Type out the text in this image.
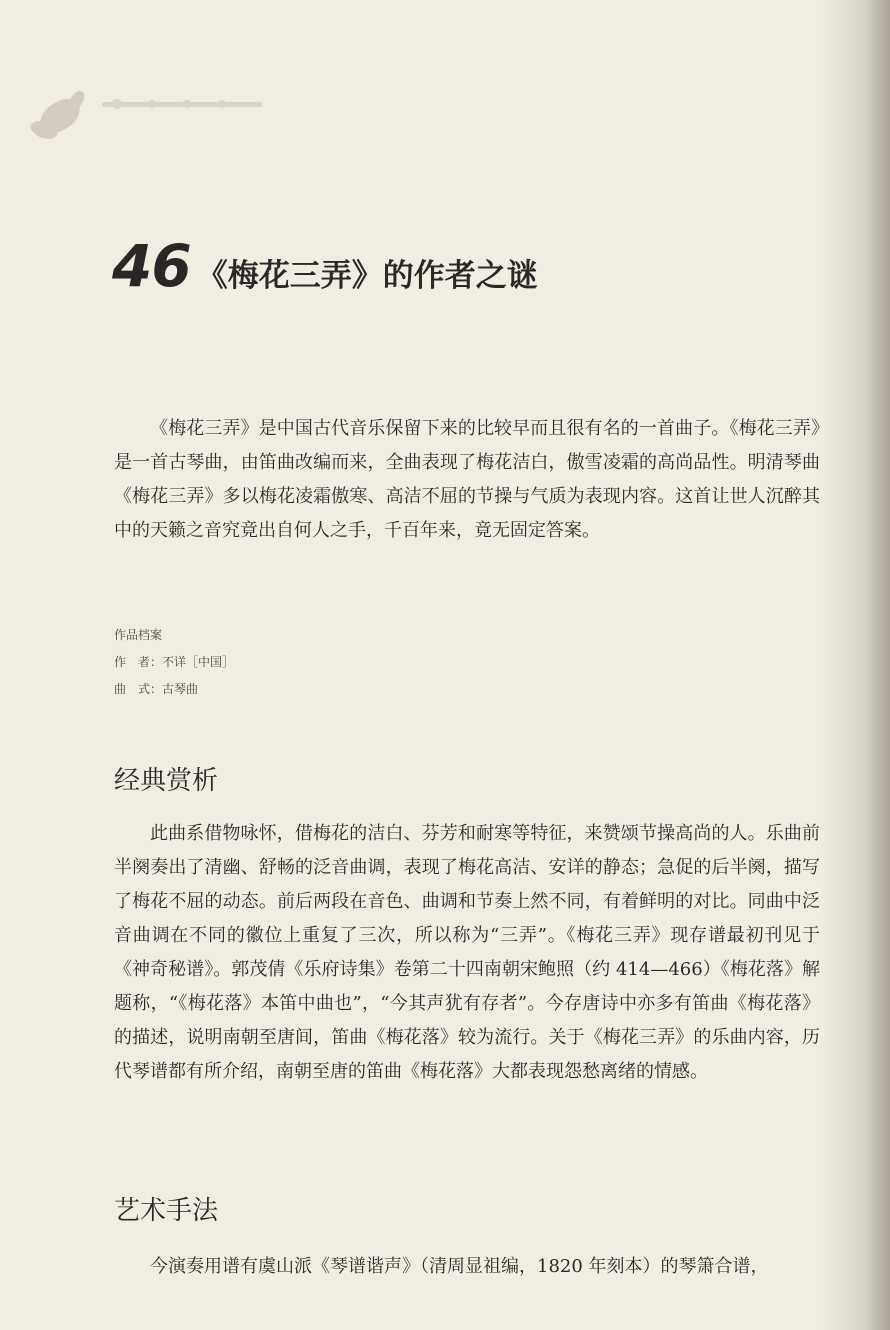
46 《梅花三弄》的作者之谜

《梅花三弄》是中国古代音乐保留下来的比较早而且很有名的一首曲子。《梅花三弄》是一首古琴曲，由笛曲改编而来，全曲表现了梅花洁白，傲雪凌霜的高尚品性。明清琴曲《梅花三弄》多以梅花凌霜傲寒、高洁不屈的节操与气质为表现内容。这首让世人沉醉其中的天籁之音究竟出自何人之手，千百年来，竟无固定答案。

作品档案
作　者：不详［中国］
曲　式：古琴曲
经典赏析

此曲系借物咏怀，借梅花的洁白、芬芳和耐寒等特征，来赞颂节操高尚的人。乐曲前半阕奏出了清幽、舒畅的泛音曲调，表现了梅花高洁、安详的静态；急促的后半阕，描写了梅花不屈的动态。前后两段在音色、曲调和节奏上然不同，有着鲜明的对比。同曲中泛音曲调在不同的徽位上重复了三次，所以称为“三弄”。《梅花三弄》现存谱最初刊见于《神奇秘谱》。郭茂倩《乐府诗集》卷第二十四南朝宋鲍照（约 414—466）《梅花落》解题称，“《梅花落》本笛中曲也”，“今其声犹有存者”。今存唐诗中亦多有笛曲《梅花落》的描述，说明南朝至唐间，笛曲《梅花落》较为流行。关于《梅花三弄》的乐曲内容，历代琴谱都有所介绍，南朝至唐的笛曲《梅花落》大都表现怨愁离绪的情感。

艺术手法

今演奏用谱有虞山派《琴谱谐声》（清周显祖编，1820 年刻本）的琴箫合谱，
